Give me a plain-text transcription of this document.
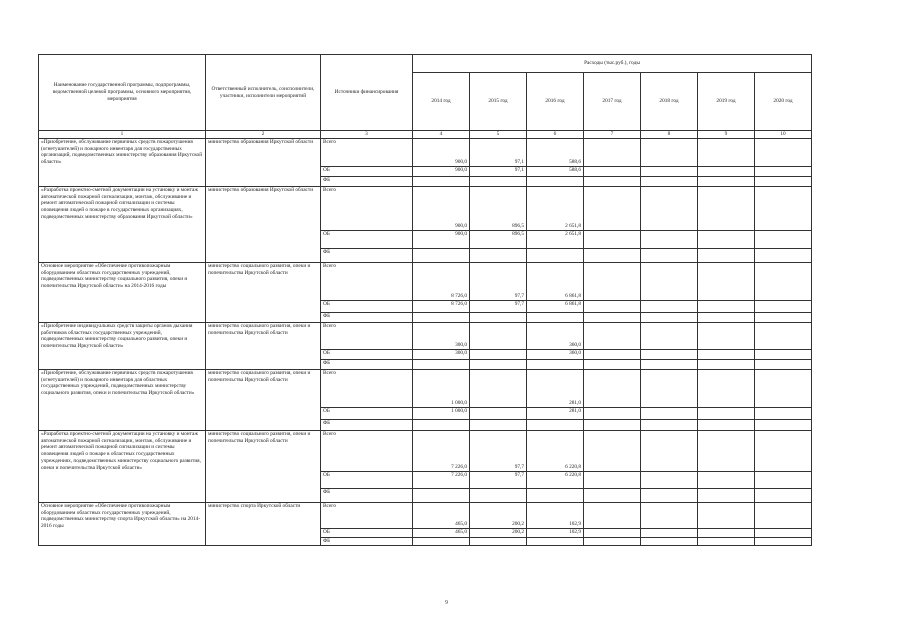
Наименование государственной программы, подпрограммы, ведомственной целевой программы, основного мероприятия, мероприятия	Ответственный исполнитель, соисполнители, участники, исполнители мероприятий	Источники финансирования	Расходы (тыс.руб.), годы						
			2014 год	2015 год	2016 год	2017 год	2018 год	2019 год	2020 год
1	2	3	4	5	6	7	8	9	10
«Приобретение, обслуживание первичных средств пожаротушения (огнетушителей) и пожарного инвентаря для государственных организаций, подведомственных министерству образования Иркутской области»	министерство образования Иркутской области	Всего	900,0	97,1	588,6				
		ОБ	900,0	97,1	588,6				
		ФБ							
«Разработка проектно-сметной документации на установку и монтаж автоматической пожарной сигнализации, монтаж, обслуживание и ремонт автоматической пожарной сигнализации и системы оповещения людей о пожаре в государственных организациях, подведомственных министерству образования Иркутской области»	министерство образования Иркутской области	Всего	900,0	896,5	2 651,8				
		ОБ	900,0	896,5	2 651,8				
		ФБ							
Основное мероприятие «Обеспечение противопожарным оборудованием областных государственных учреждений, подведомственных министерству социального развития, опеки и попечительства Иркутской области» на 2014-2016 годы	министерство социального развития, опеки и попечительства Иркутской области	Всего	8 726,0	97,7	6 861,8				
		ОБ	8 726,0	97,7	6 861,8				
		ФБ							
«Приобретение индивидуальных средств защиты органов дыхания работников областных государственных учреждений, подведомственных министерству социального развития, опеки и попечительства Иркутской области»	министерство социального развития, опеки и попечительства Иркутской области	Всего	300,0		360,0				
		ОБ	300,0		360,0				
		ФБ							
«Приобретение, обслуживание первичных средств пожаротушения (огнетушителей) и пожарного инвентаря для областных государственных учреждений, подведомственных министерству социального развития, опеки и попечительства Иркутской области»	министерство социального развития, опеки и попечительства Иркутской области	Всего	1 000,0		281,0				
		ОБ	1 000,0		281,0				
		ФБ							
«Разработка проектно-сметной документации на установку и монтаж автоматической пожарной сигнализации, монтаж, обслуживание и ремонт автоматической пожарной сигнализации и системы оповещения людей о пожаре в областных государственных учреждениях, подведомственных министерству социального развития, опеки и попечительства Иркутской области»	министерство социального развития, опеки и попечительства Иркутской области	Всего	7 226,0	97,7	6 220,8				
		ОБ	7 226,0	97,7	6 220,8				
		ФБ							
Основное мероприятие «Обеспечение противопожарным оборудованием областных государственных учреждений, подведомственных министерству спорта Иркутской области» на 2014-2016 годы	министерство спорта Иркутской области	Всего	465,0	200,2	102,9				
		ОБ	465,0	200,2	102,9				
		ФБ							
9
